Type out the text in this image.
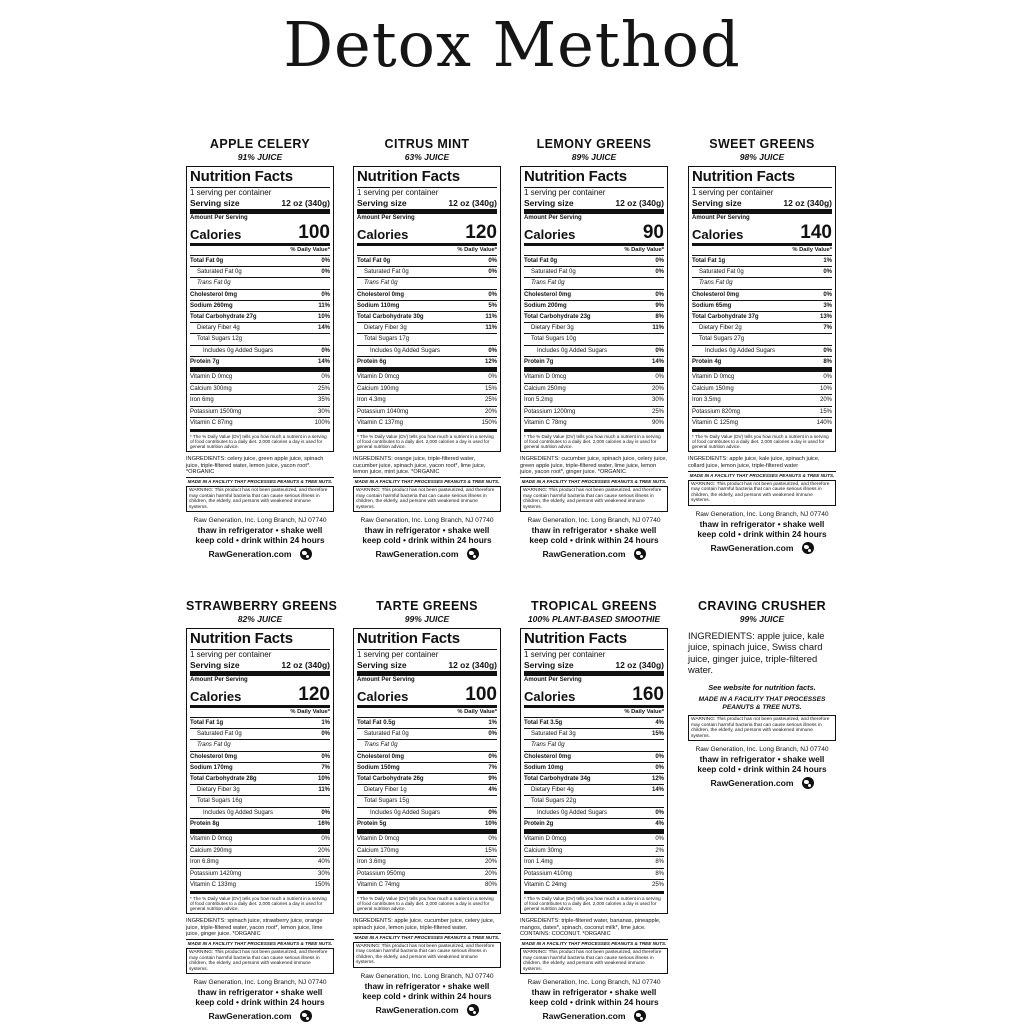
Detox Method
APPLE CELERY
91% JUICE
Nutrition Facts
1 serving per container
Serving size	12 oz (340g)
Amount Per Serving
Calories	100
% Daily Value*
Total Fat 0g	0%
Saturated Fat 0g	0%
Trans Fat 0g
Cholesterol 0mg	0%
Sodium 260mg	11%
Total Carbohydrate 27g	10%
Dietary Fiber 4g	14%
Total Sugars 12g
Includes 0g Added Sugars	0%
Protein 7g	14%
Vitamin D 0mcg	0%
Calcium 300mg	25%
Iron 6mg	35%
Potassium 1500mg	30%
Vitamin C 87mg	100%
* The % Daily Value (DV) tells you how much a nutrient in a serving of food contributes to a daily diet. 2,000 calories a day is used for general nutrition advice.
INGREDIENTS: celery juice, green apple juice, spinach juice, triple-filtered water, lemon juice, yacon root*. *ORGANIC
MADE IN A FACILITY THAT PROCESSES PEANUTS & TREE NUTS.
WARNING: This product has not been pasteurized, and therefore may contain harmful bacteria that can cause serious illness in children, the elderly, and persons with weakened immune systems.
Raw Generation, Inc. Long Branch, NJ 07740
thaw in refrigerator • shake well
keep cold • drink within 24 hours
RawGeneration.com
CITRUS MINT
63% JUICE
Nutrition Facts
1 serving per container
Serving size	12 oz (340g)
Amount Per Serving
Calories	120
% Daily Value*
Total Fat 0g	0%
Saturated Fat 0g	0%
Trans Fat 0g
Cholesterol 0mg	0%
Sodium 110mg	5%
Total Carbohydrate 30g	11%
Dietary Fiber 3g	11%
Total Sugars 17g
Includes 0g Added Sugars	0%
Protein 6g	12%
Vitamin D 0mcg	0%
Calcium 190mg	15%
Iron 4.3mg	25%
Potassium 1040mg	20%
Vitamin C 137mg	150%
* The % Daily Value (DV) tells you how much a nutrient in a serving of food contributes to a daily diet. 2,000 calories a day is used for general nutrition advice.
INGREDIENTS: orange juice, triple-filtered water, cucumber juice, spinach juice, yacon root*, lime juice, lemon juice, mint juice. *ORGANIC
MADE IN A FACILITY THAT PROCESSES PEANUTS & TREE NUTS.
WARNING: This product has not been pasteurized, and therefore may contain harmful bacteria that can cause serious illness in children, the elderly, and persons with weakened immune systems.
Raw Generation, Inc. Long Branch, NJ 07740
thaw in refrigerator • shake well
keep cold • drink within 24 hours
RawGeneration.com
LEMONY GREENS
89% JUICE
Nutrition Facts
1 serving per container
Serving size	12 oz (340g)
Amount Per Serving
Calories	90
% Daily Value*
Total Fat 0g	0%
Saturated Fat 0g	0%
Trans Fat 0g
Cholesterol 0mg	0%
Sodium 200mg	9%
Total Carbohydrate 23g	8%
Dietary Fiber 3g	11%
Total Sugars 10g
Includes 0g Added Sugars	0%
Protein 7g	14%
Vitamin D 0mcg	0%
Calcium 250mg	20%
Iron 5.2mg	30%
Potassium 1200mg	25%
Vitamin C 78mg	90%
* The % Daily Value (DV) tells you how much a nutrient in a serving of food contributes to a daily diet. 2,000 calories a day is used for general nutrition advice.
INGREDIENTS: cucumber juice, spinach juice, celery juice, green apple juice, triple-filtered water, lime juice, lemon juice, yacon root*, ginger juice. *ORGANIC
MADE IN A FACILITY THAT PROCESSES PEANUTS & TREE NUTS.
WARNING: This product has not been pasteurized, and therefore may contain harmful bacteria that can cause serious illness in children, the elderly, and persons with weakened immune systems.
Raw Generation, Inc. Long Branch, NJ 07740
thaw in refrigerator • shake well
keep cold • drink within 24 hours
RawGeneration.com
SWEET GREENS
98% JUICE
Nutrition Facts
1 serving per container
Serving size	12 oz (340g)
Amount Per Serving
Calories	140
% Daily Value*
Total Fat 1g	1%
Saturated Fat 0g	0%
Trans Fat 0g
Cholesterol 0mg	0%
Sodium 65mg	3%
Total Carbohydrate 37g	13%
Dietary Fiber 2g	7%
Total Sugars 27g
Includes 0g Added Sugars	0%
Protein 4g	8%
Vitamin D 0mcg	0%
Calcium 150mg	10%
Iron 3.5mg	20%
Potassium 820mg	15%
Vitamin C 125mg	140%
* The % Daily Value (DV) tells you how much a nutrient in a serving of food contributes to a daily diet. 2,000 calories a day is used for general nutrition advice.
INGREDIENTS: apple juice, kale juice, spinach juice, collard juice, lemon juice, triple-filtered water
MADE IN A FACILITY THAT PROCESSES PEANUTS & TREE NUTS.
WARNING: This product has not been pasteurized, and therefore may contain harmful bacteria that can cause serious illness in children, the elderly, and persons with weakened immune systems.
Raw Generation, Inc. Long Branch, NJ 07740
thaw in refrigerator • shake well
keep cold • drink within 24 hours
RawGeneration.com
STRAWBERRY GREENS
82% JUICE
Nutrition Facts
1 serving per container
Serving size	12 oz (340g)
Amount Per Serving
Calories	120
% Daily Value*
Total Fat 1g	1%
Saturated Fat 0g	0%
Trans Fat 0g
Cholesterol 0mg	0%
Sodium 170mg	7%
Total Carbohydrate 28g	10%
Dietary Fiber 3g	11%
Total Sugars 16g
Includes 0g Added Sugars	0%
Protein 8g	16%
Vitamin D 0mcg	0%
Calcium 290mg	20%
Iron 6.8mg	40%
Potassium 1420mg	30%
Vitamin C 133mg	150%
* The % Daily Value (DV) tells you how much a nutrient in a serving of food contributes to a daily diet. 2,000 calories a day is used for general nutrition advice.
INGREDIENTS: spinach juice, strawberry juice, orange juice, triple-filtered water, yacon root*, lemon juice, lime juice, ginger juice. *ORGANIC
MADE IN A FACILITY THAT PROCESSES PEANUTS & TREE NUTS.
WARNING: This product has not been pasteurized, and therefore may contain harmful bacteria that can cause serious illness in children, the elderly, and persons with weakened immune systems.
Raw Generation, Inc. Long Branch, NJ 07740
thaw in refrigerator • shake well
keep cold • drink within 24 hours
RawGeneration.com
TARTE GREENS
99% JUICE
Nutrition Facts
1 serving per container
Serving size	12 oz (340g)
Amount Per Serving
Calories	100
% Daily Value*
Total Fat 0.5g	1%
Saturated Fat 0g	0%
Trans Fat 0g
Cholesterol 0mg	0%
Sodium 150mg	7%
Total Carbohydrate 26g	9%
Dietary Fiber 1g	4%
Total Sugars 15g
Includes 0g Added Sugars	0%
Protein 5g	10%
Vitamin D 0mcg	0%
Calcium 170mg	15%
Iron 3.6mg	20%
Potassium 950mg	20%
Vitamin C 74mg	80%
* The % Daily Value (DV) tells you how much a nutrient in a serving of food contributes to a daily diet. 2,000 calories a day is used for general nutrition advice.
INGREDIENTS: apple juice, cucumber juice, celery juice, spinach juice, lemon juice, triple-filtered water.
MADE IN A FACILITY THAT PROCESSES PEANUTS & TREE NUTS.
WARNING: This product has not been pasteurized, and therefore may contain harmful bacteria that can cause serious illness in children, the elderly, and persons with weakened immune systems.
Raw Generation, Inc. Long Branch, NJ 07740
thaw in refrigerator • shake well
keep cold • drink within 24 hours
RawGeneration.com
TROPICAL GREENS
100% PLANT-BASED SMOOTHIE
Nutrition Facts
1 serving per container
Serving size	12 oz (340g)
Amount Per Serving
Calories	160
% Daily Value*
Total Fat 3.5g	4%
Saturated Fat 3g	15%
Trans Fat 0g
Cholesterol 0mg	0%
Sodium 10mg	0%
Total Carbohydrate 34g	12%
Dietary Fiber 4g	14%
Total Sugars 22g
Includes 0g Added Sugars	0%
Protein 2g	4%
Vitamin D 0mcg	0%
Calcium 30mg	2%
Iron 1.4mg	8%
Potassium 410mg	8%
Vitamin C 24mg	25%
* The % Daily Value (DV) tells you how much a nutrient in a serving of food contributes to a daily diet. 2,000 calories a day is used for general nutrition advice.
INGREDIENTS: triple-filtered water, bananas, pineapple, mangos, dates*, spinach, coconut milk*, lime juice. CONTAINS: COCONUT. *ORGANIC
MADE IN A FACILITY THAT PROCESSES PEANUTS & TREE NUTS.
WARNING: This product has not been pasteurized, and therefore may contain harmful bacteria that can cause serious illness in children, the elderly, and persons with weakened immune systems.
Raw Generation, Inc. Long Branch, NJ 07740
thaw in refrigerator • shake well
keep cold • drink within 24 hours
RawGeneration.com
CRAVING CRUSHER
99% JUICE
INGREDIENTS: apple juice, kale juice, spinach juice, Swiss chard juice, ginger juice, triple-filtered water.
See website for nutrition facts.
MADE IN A FACILITY THAT PROCESSES PEANUTS & TREE NUTS.
WARNING: This product has not been pasteurized, and therefore may contain harmful bacteria that can cause serious illness in children, the elderly, and persons with weakened immune systems.
Raw Generation, Inc. Long Branch, NJ 07740
thaw in refrigerator • shake well
keep cold • drink within 24 hours
RawGeneration.com
